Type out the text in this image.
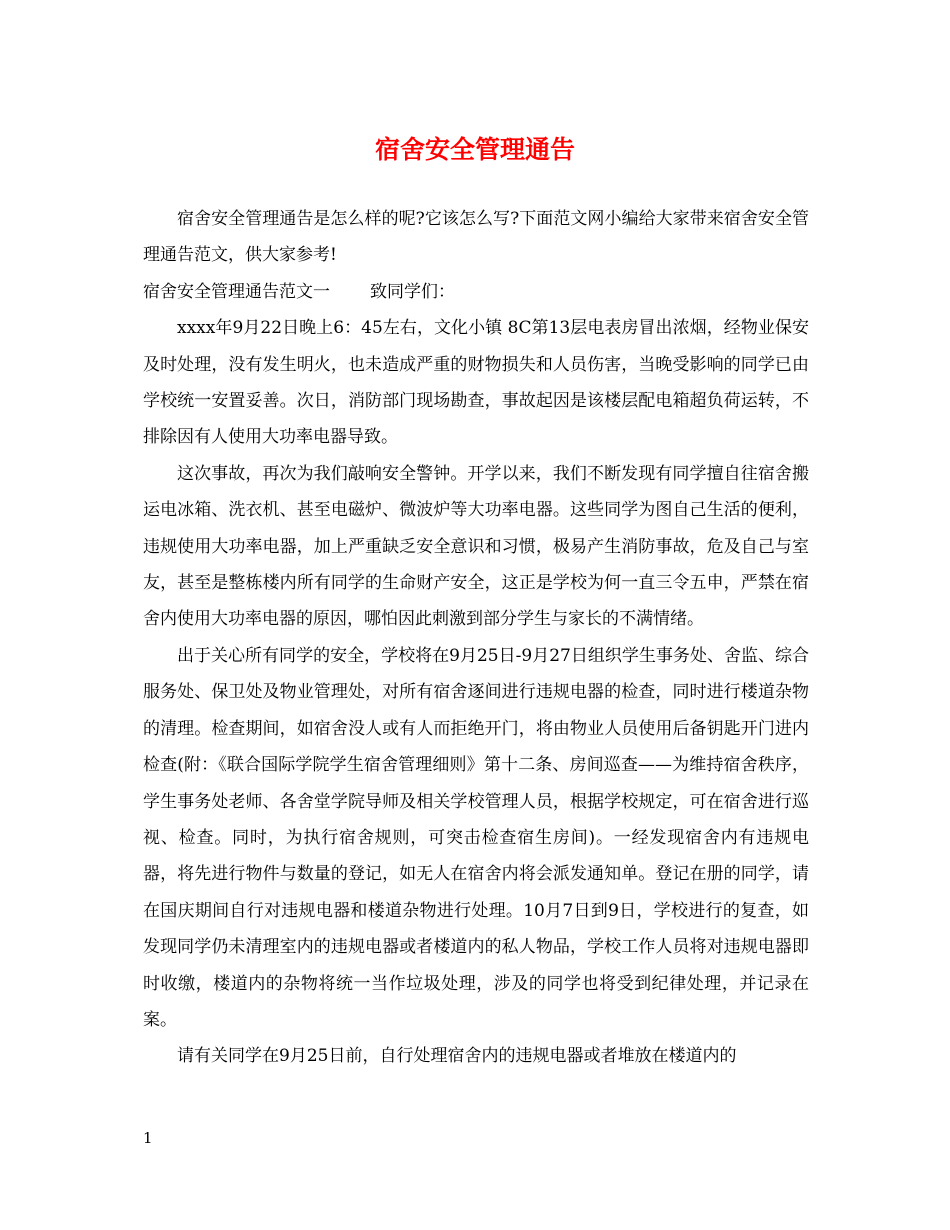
宿舍安全管理通告

宿舍安全管理通告是怎么样的呢?它该怎么写?下面范文网小编给大家带来宿舍安全管理通告范文，供大家参考!

宿舍安全管理通告范文一 致同学们：

xxxx年9月22日晚上6：45左右，文化小镇 8C第13层电表房冒出浓烟，经物业保安及时处理，没有发生明火，也未造成严重的财物损失和人员伤害，当晚受影响的同学已由学校统一安置妥善。次日，消防部门现场勘查，事故起因是该楼层配电箱超负荷运转，不排除因有人使用大功率电器导致。

这次事故，再次为我们敲响安全警钟。开学以来，我们不断发现有同学擅自往宿舍搬运电冰箱、洗衣机、甚至电磁炉、微波炉等大功率电器。这些同学为图自己生活的便利，违规使用大功率电器，加上严重缺乏安全意识和习惯，极易产生消防事故，危及自己与室友，甚至是整栋楼内所有同学的生命财产安全，这正是学校为何一直三令五申，严禁在宿舍内使用大功率电器的原因，哪怕因此刺激到部分学生与家长的不满情绪。

出于关心所有同学的安全，学校将在9月25日-9月27日组织学生事务处、舍监、综合服务处、保卫处及物业管理处，对所有宿舍逐间进行违规电器的检查，同时进行楼道杂物的清理。检查期间，如宿舍没人或有人而拒绝开门，将由物业人员使用后备钥匙开门进内检查(附：《联合国际学院学生宿舍管理细则》第十二条、房间巡查——为维持宿舍秩序，学生事务处老师、各舍堂学院导师及相关学校管理人员，根据学校规定，可在宿舍进行巡视、检查。同时，为执行宿舍规则，可突击检查宿生房间)。一经发现宿舍内有违规电器，将先进行物件与数量的登记，如无人在宿舍内将会派发通知单。登记在册的同学，请在国庆期间自行对违规电器和楼道杂物进行处理。10月7日到9日，学校进行的复查，如发现同学仍未清理室内的违规电器或者楼道内的私人物品，学校工作人员将对违规电器即时收缴，楼道内的杂物将统一当作垃圾处理，涉及的同学也将受到纪律处理，并记录在案。

请有关同学在9月25日前，自行处理宿舍内的违规电器或者堆放在楼道内的

1
